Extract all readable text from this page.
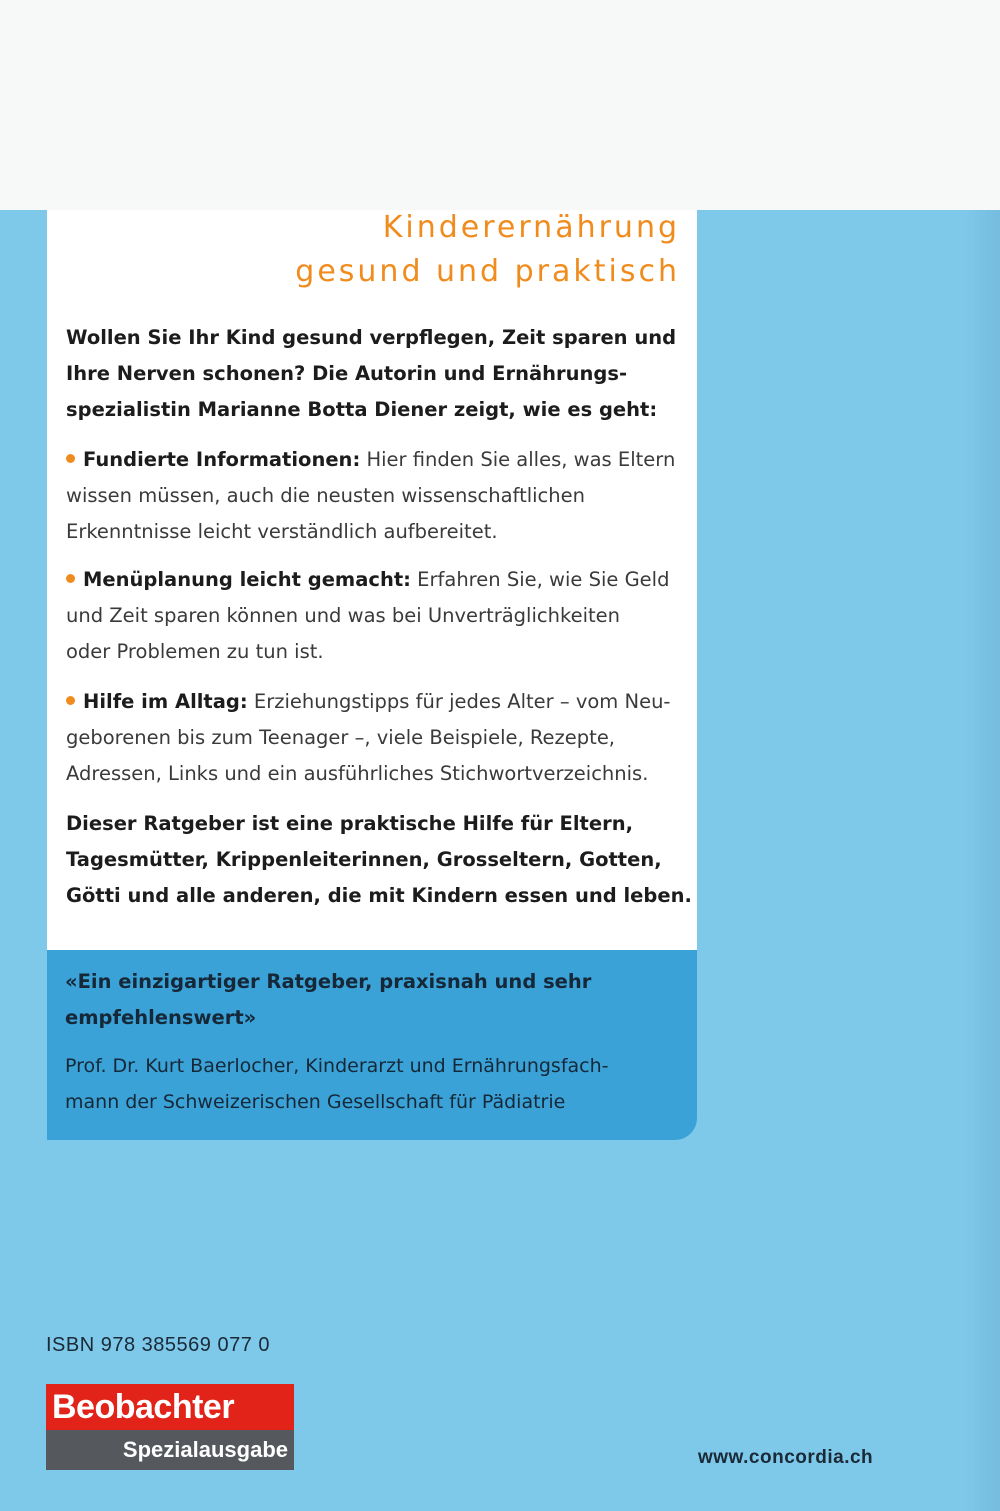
Kinderernährung
gesund und praktisch
Wollen Sie Ihr Kind gesund verpflegen, Zeit sparen und
Ihre Nerven schonen? Die Autorin und Ernährungs-
spezialistin Marianne Botta Diener zeigt, wie es geht:
Fundierte Informationen: Hier finden Sie alles, was Eltern
wissen müssen, auch die neusten wissenschaftlichen
Erkenntnisse leicht verständlich aufbereitet.
Menüplanung leicht gemacht: Erfahren Sie, wie Sie Geld
und Zeit sparen können und was bei Unverträglichkeiten
oder Problemen zu tun ist.
Hilfe im Alltag: Erziehungstipps für jedes Alter – vom Neu-
geborenen bis zum Teenager –, viele Beispiele, Rezepte,
Adressen, Links und ein ausführliches Stichwortverzeichnis.
Dieser Ratgeber ist eine praktische Hilfe für Eltern,
Tagesmütter, Krippenleiterinnen, Grosseltern, Gotten,
Götti und alle anderen, die mit Kindern essen und leben.
«Ein einzigartiger Ratgeber, praxisnah und sehr
empfehlenswert»
Prof. Dr. Kurt Baerlocher, Kinderarzt und Ernährungsfach-
mann der Schweizerischen Gesellschaft für Pädiatrie
ISBN 978 385569 077 0
Beobachter
Spezialausgabe	www.concordia.ch
